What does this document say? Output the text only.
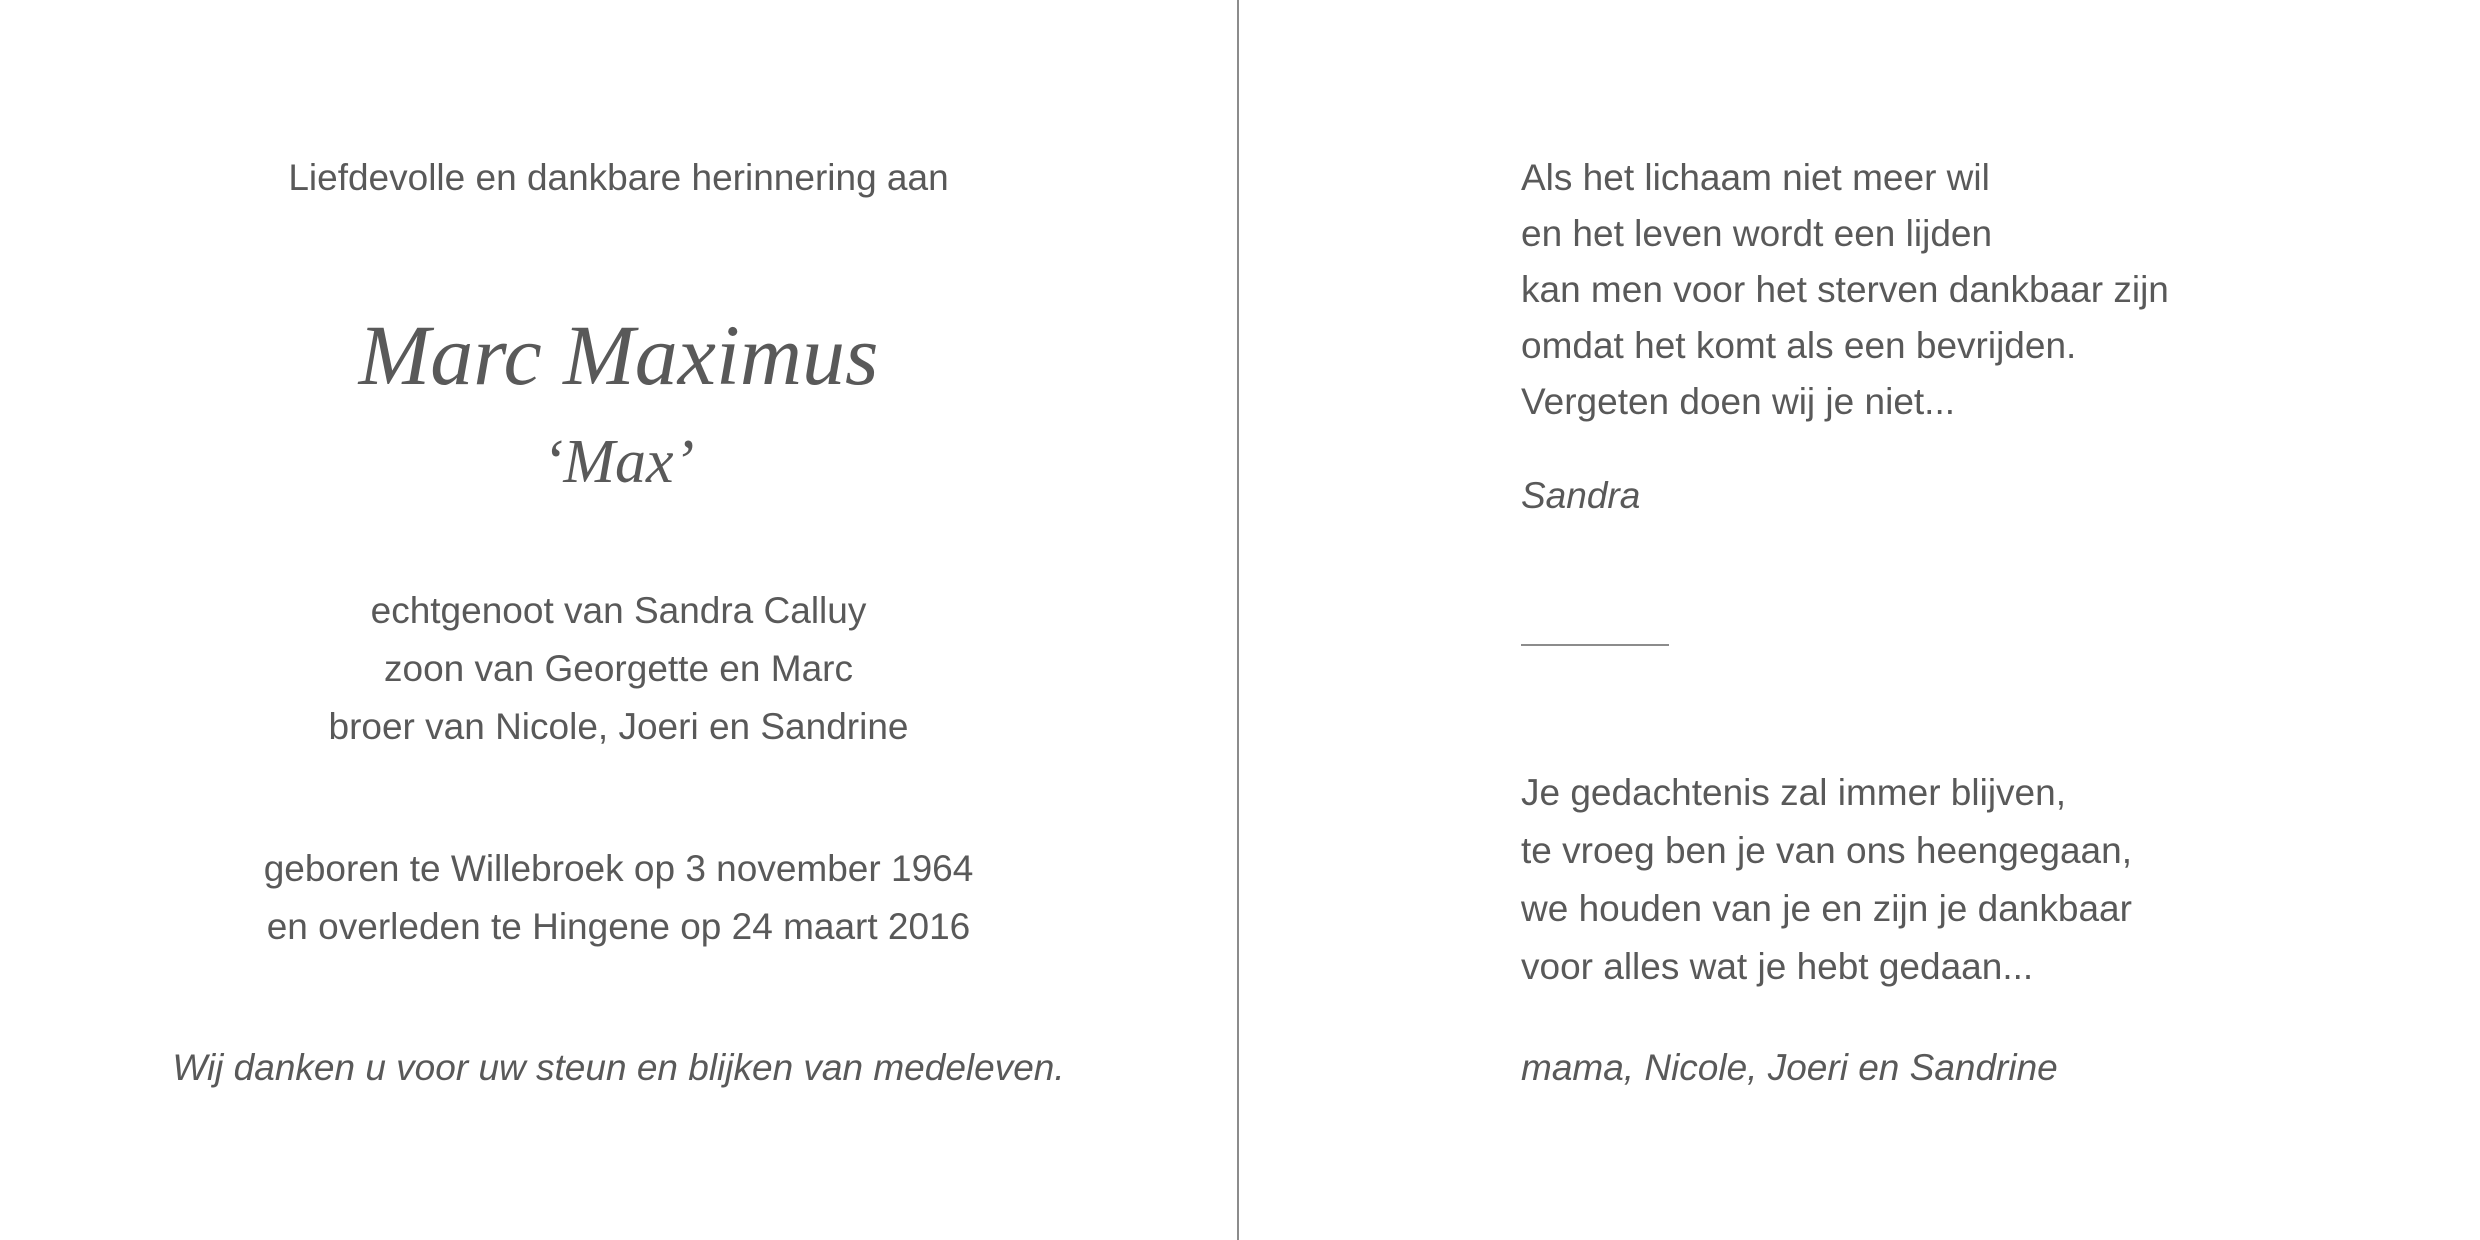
Liefdevolle en dankbare herinnering aan
Marc Maximus
‘Max’
echtgenoot van Sandra Calluy
zoon van Georgette en Marc
broer van Nicole, Joeri en Sandrine
geboren te Willebroek op 3 november 1964
en overleden te Hingene op 24 maart 2016
Wij danken u voor uw steun en blijken van medeleven.
Als het lichaam niet meer wil
en het leven wordt een lijden
kan men voor het sterven dankbaar zijn
omdat het komt als een bevrijden.
Vergeten doen wij je niet...
Sandra
Je gedachtenis zal immer blijven,
te vroeg ben je van ons heengegaan,
we houden van je en zijn je dankbaar
voor alles wat je hebt gedaan...
mama, Nicole, Joeri en Sandrine
